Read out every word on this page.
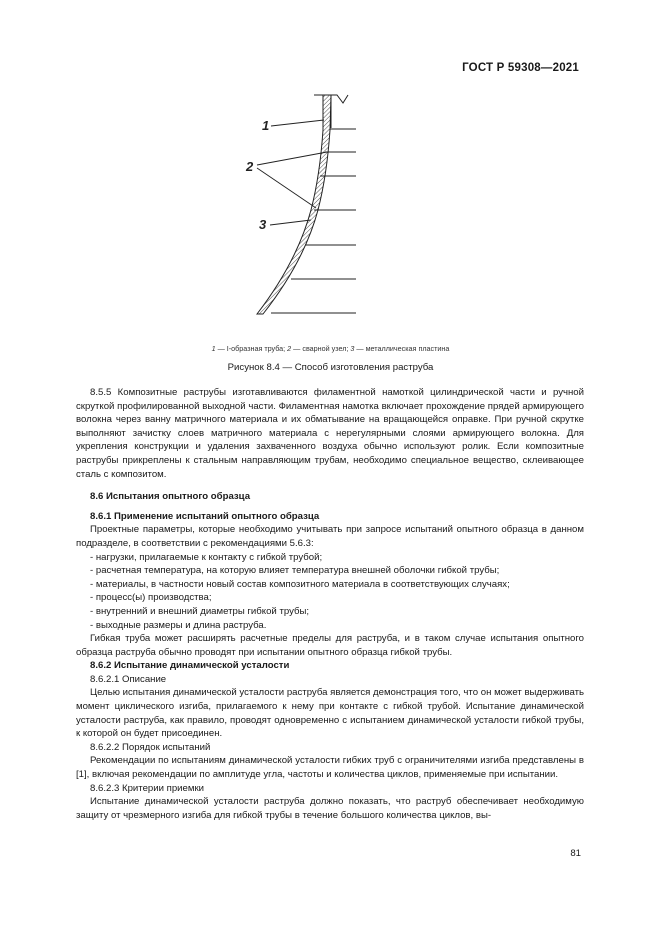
ГОСТ Р 59308—2021
1
2
3
1 — I-образная труба; 2 — сварной узел; 3 — металлическая пластина
Рисунок 8.4 — Способ изготовления раструба

8.5.5 Композитные раструбы изготавливаются филаментной намоткой цилиндрической части и ручной скруткой профилированной выходной части. Филаментная намотка включает прохождение прядей армирующего волокна через ванну матричного материала и их обматывание на вращающейся оправке. При ручной скрутке выполняют зачистку слоев матричного материала с нерегулярными слоями армирующего волокна. Для укрепления конструкции и удаления захваченного воздуха обычно используют ролик. Если композитные раструбы прикреплены к стальным направляющим трубам, необходимо специальное вещество, склеивающее сталь с композитом.

8.6 Испытания опытного образца

8.6.1 Применение испытаний опытного образца

Проектные параметры, которые необходимо учитывать при запросе испытаний опытного образца в данном подразделе, в соответствии с рекомендациями 5.6.3:

- нагрузки, прилагаемые к контакту с гибкой трубой;

- расчетная температура, на которую влияет температура внешней оболочки гибкой трубы;

- материалы, в частности новый состав композитного материала в соответствующих случаях;

- процесс(ы) производства;

- внутренний и внешний диаметры гибкой трубы;

- выходные размеры и длина раструба.

Гибкая труба может расширять расчетные пределы для раструба, и в таком случае испытания опытного образца раструба обычно проводят при испытании опытного образца гибкой трубы.

8.6.2 Испытание динамической усталости

8.6.2.1 Описание

Целью испытания динамической усталости раструба является демонстрация того, что он может выдерживать момент циклического изгиба, прилагаемого к нему при контакте с гибкой трубой. Испытание динамической усталости раструба, как правило, проводят одновременно с испытанием динамической усталости гибкой трубы, к которой он будет присоединен.

8.6.2.2 Порядок испытаний

Рекомендации по испытаниям динамической усталости гибких труб с ограничителями изгиба представлены в [1], включая рекомендации по амплитуде угла, частоты и количества циклов, применяемые при испытании.

8.6.2.3 Критерии приемки

Испытание динамической усталости раструба должно показать, что раструб обеспечивает необходимую защиту от чрезмерного изгиба для гибкой трубы в течение большого количества циклов, вы-

81
